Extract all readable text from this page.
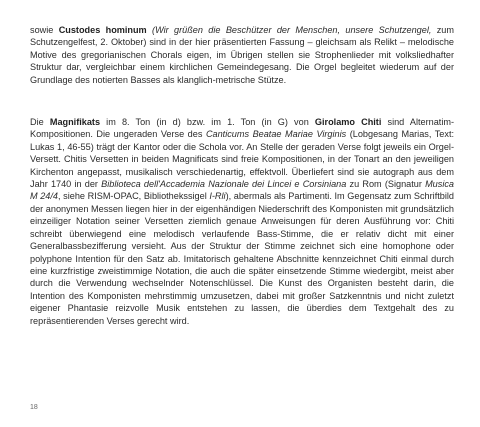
sowie Custodes hominum (Wir grüßen die Beschützer der Menschen, unsere Schutzengel, zum Schutzengelfest, 2. Oktober) sind in der hier präsentierten Fassung – gleichsam als Relikt – melodische Motive des gregorianischen Chorals eigen, im Übrigen stellen sie Strophenlieder mit volksliedhafter Struktur dar, vergleichbar einem kirchlichen Gemeindegesang. Die Orgel begleitet wiederum auf der Grundlage des notierten Basses als klanglich-metrische Stütze.

Die Magnifikats im 8. Ton (in d) bzw. im 1. Ton (in G) von Girolamo Chiti sind Alternatim-Kompositionen. Die ungeraden Verse des Canticums Beatae Mariae Virginis (Lobgesang Marias, Text: Lukas 1, 46-55) trägt der Kantor oder die Schola vor. An Stelle der geraden Verse folgt jeweils ein Orgel-Versett. Chitis Versetten in beiden Magnificats sind freie Kompositionen, in der Tonart an den jeweiligen Kirchenton angepasst, musikalisch verschiedenartig, effektvoll. Überliefert sind sie autograph aus dem Jahr 1740 in der Biblioteca dell'Accademia Nazionale dei Lincei e Corsiniana zu Rom (Signatur Musica M 24/4, siehe RISM-OPAC, Bibliothekssigel I-Rli), abermals als Partimenti. Im Gegensatz zum Schriftbild der anonymen Messen liegen hier in der eigenhändigen Niederschrift des Komponisten mit grundsätzlich einzeiliger Notation seiner Versetten ziemlich genaue Anweisungen für deren Ausführung vor: Chiti schreibt überwiegend eine melodisch verlaufende Bass-Stimme, die er relativ dicht mit einer Generalbassbezifferung versieht. Aus der Struktur der Stimme zeichnet sich eine homophone oder polyphone Intention für den Satz ab. Imitatorisch gehaltene Abschnitte kennzeichnet Chiti einmal durch eine kurzfristige zweistimmige Notation, die auch die später einsetzende Stimme wiedergibt, meist aber durch die Verwendung wechselnder Notenschlüssel. Die Kunst des Organisten besteht darin, die Intention des Komponisten mehrstimmig umzusetzen, dabei mit großer Satzkenntnis und nicht zuletzt eigener Phantasie reizvolle Musik entstehen zu lassen, die überdies dem Textgehalt des zu repräsentierenden Verses gerecht wird.

18
